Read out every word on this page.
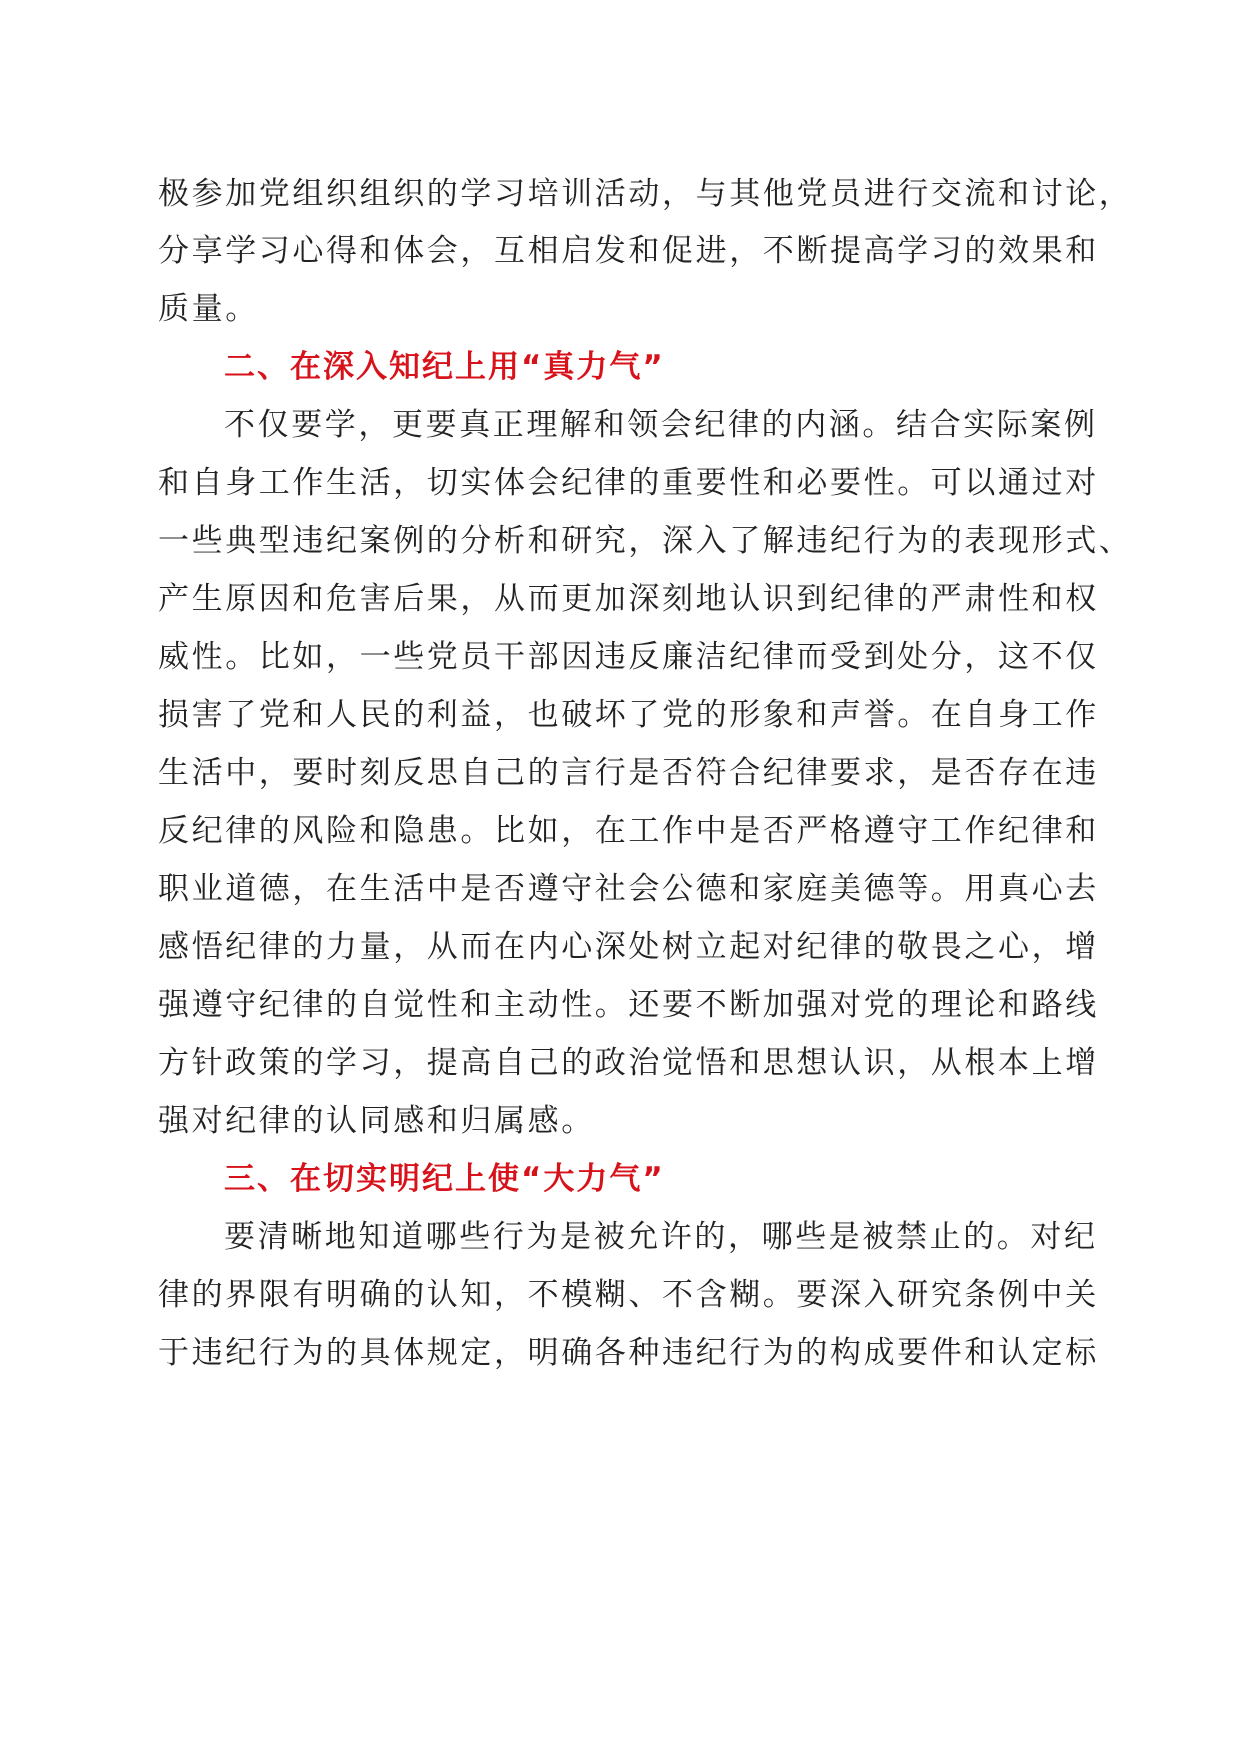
极参加党组织组织的学习培训活动，与其他党员进行交流和讨论，
分享学习心得和体会，互相启发和促进，不断提高学习的效果和
质量。
二、在深入知纪上用“真力气”
不仅要学，更要真正理解和领会纪律的内涵。结合实际案例
和自身工作生活，切实体会纪律的重要性和必要性。可以通过对
一些典型违纪案例的分析和研究，深入了解违纪行为的表现形式、
产生原因和危害后果，从而更加深刻地认识到纪律的严肃性和权
威性。比如，一些党员干部因违反廉洁纪律而受到处分，这不仅
损害了党和人民的利益，也破坏了党的形象和声誉。在自身工作
生活中，要时刻反思自己的言行是否符合纪律要求，是否存在违
反纪律的风险和隐患。比如，在工作中是否严格遵守工作纪律和
职业道德，在生活中是否遵守社会公德和家庭美德等。用真心去
感悟纪律的力量，从而在内心深处树立起对纪律的敬畏之心，增
强遵守纪律的自觉性和主动性。还要不断加强对党的理论和路线
方针政策的学习，提高自己的政治觉悟和思想认识，从根本上增
强对纪律的认同感和归属感。
三、在切实明纪上使“大力气”
要清晰地知道哪些行为是被允许的，哪些是被禁止的。对纪
律的界限有明确的认知，不模糊、不含糊。要深入研究条例中关
于违纪行为的具体规定，明确各种违纪行为的构成要件和认定标
